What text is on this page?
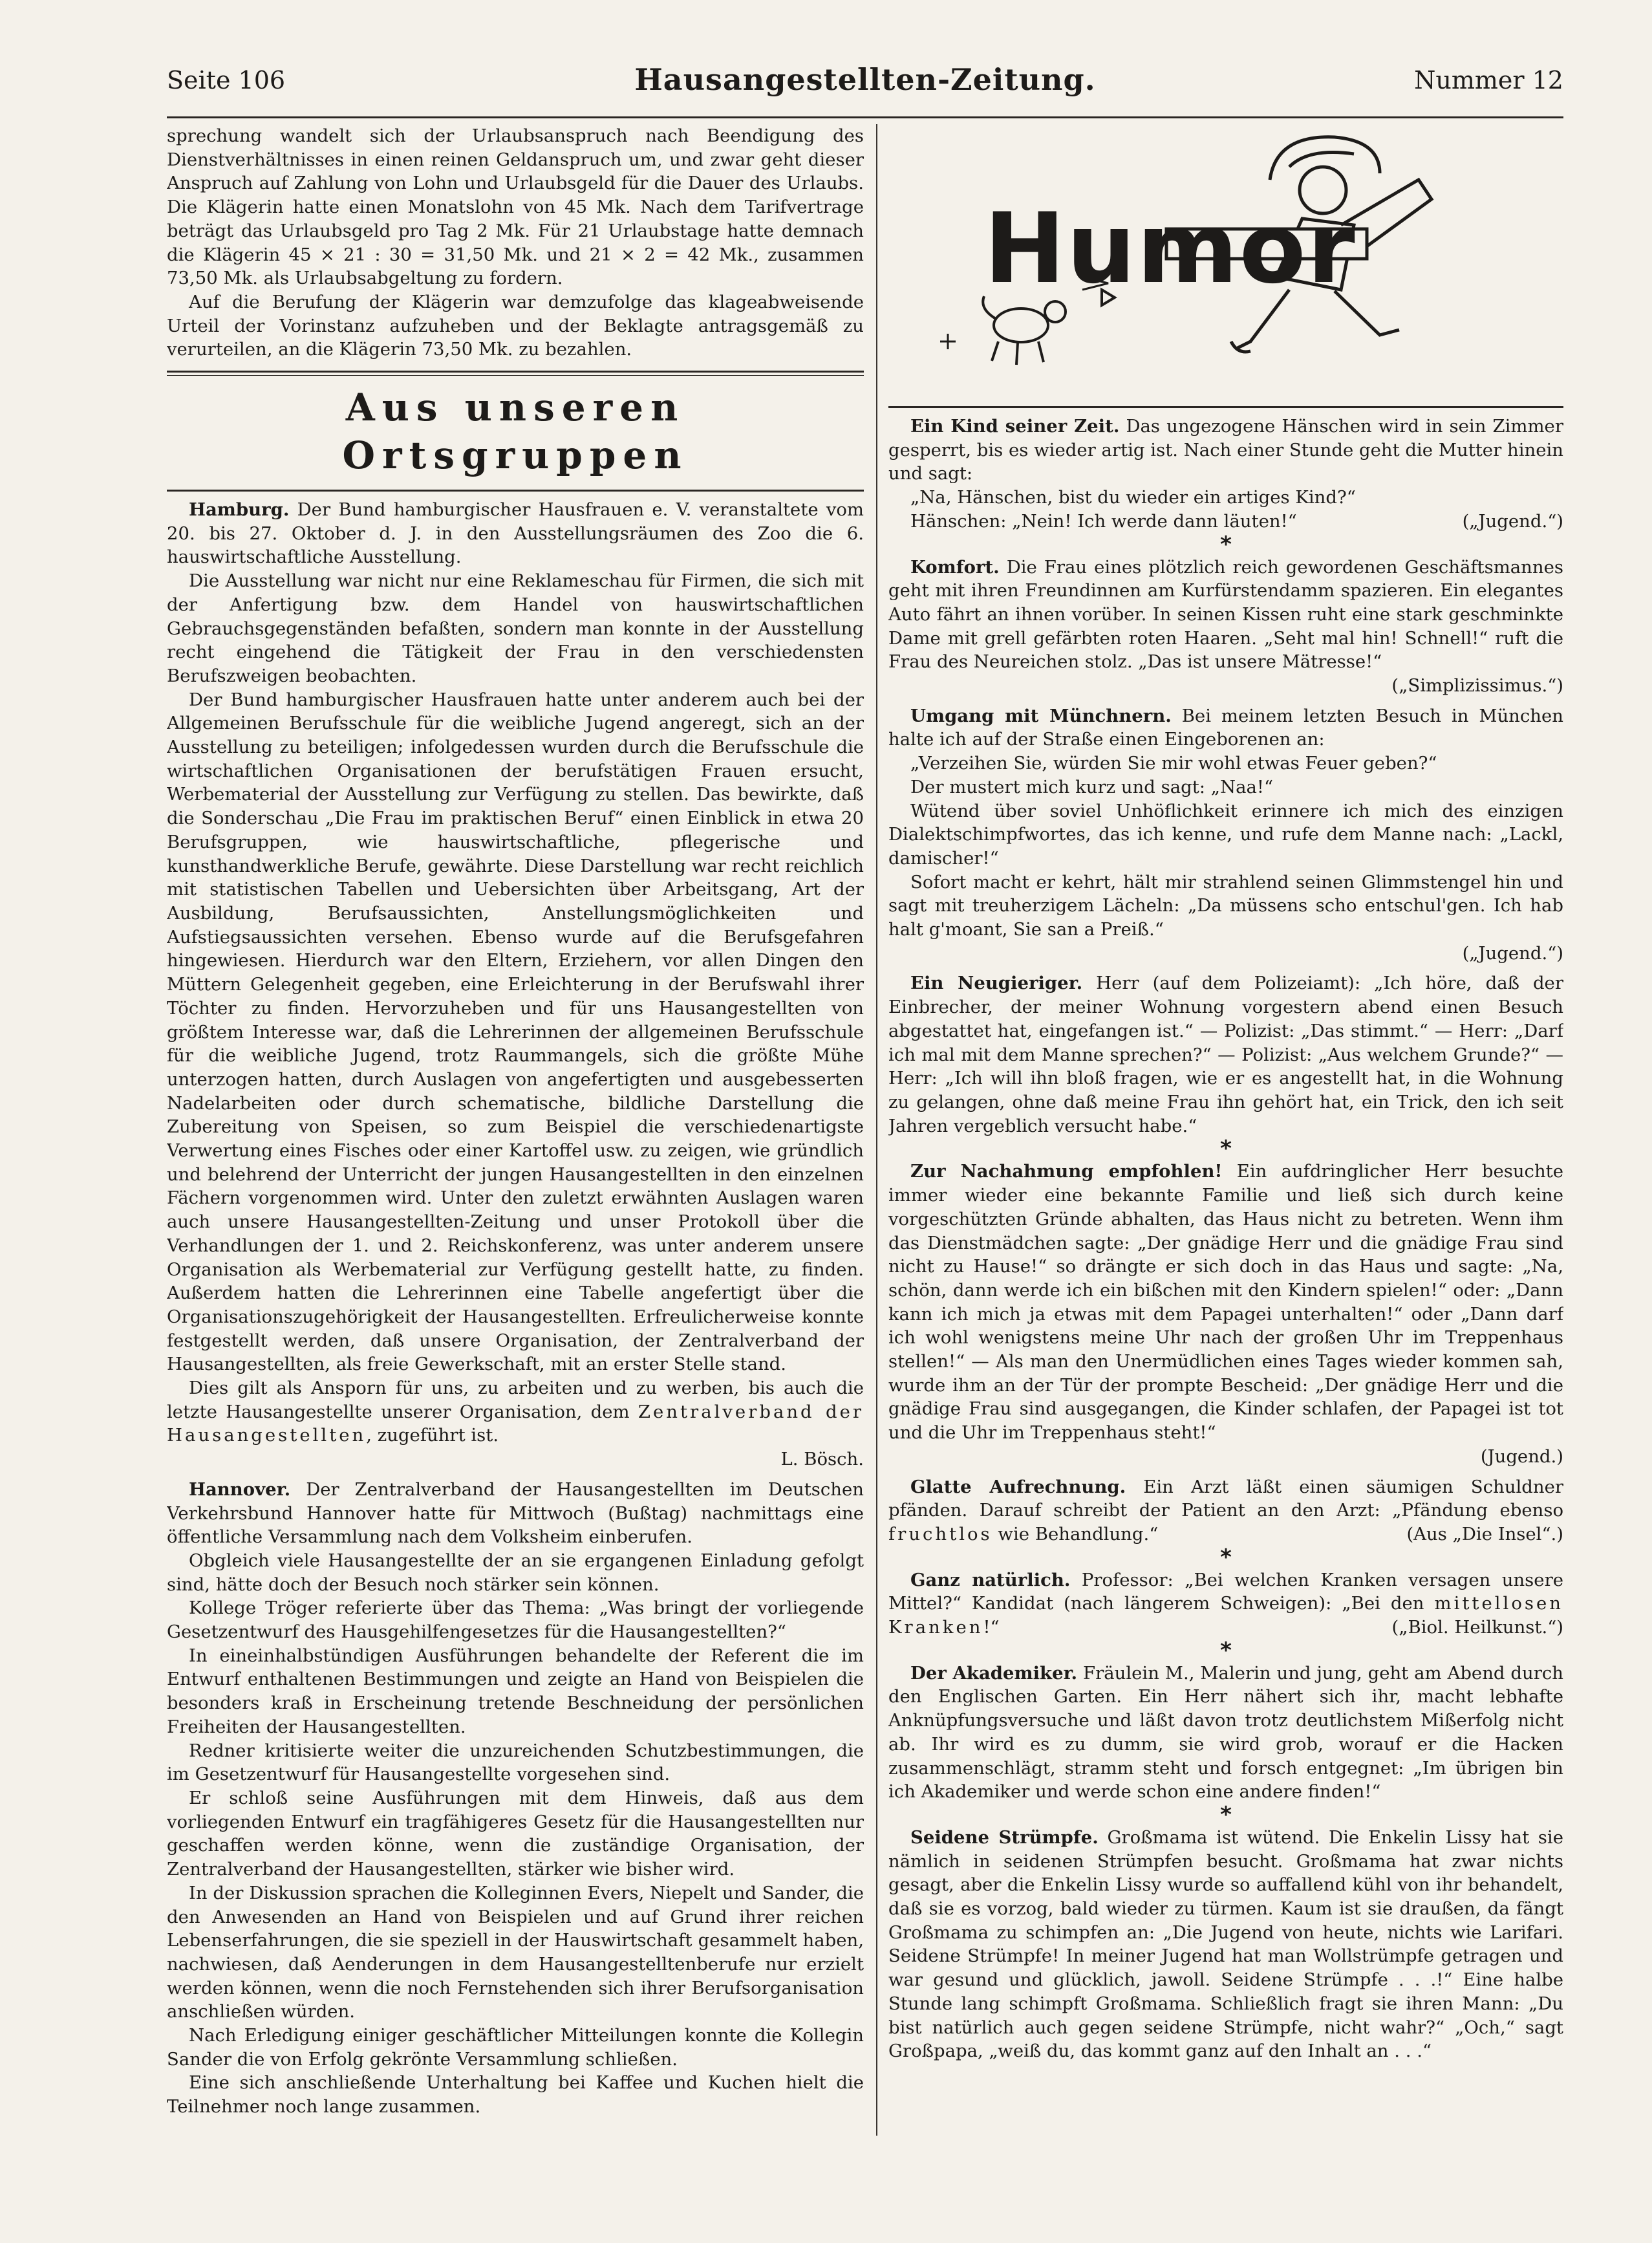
Seite 106	Hausangestellten-Zeitung.	Nummer 12

sprechung wandelt sich der Urlaubsanspruch nach Beendigung des Dienstverhältnisses in einen reinen Geldanspruch um, und zwar geht dieser Anspruch auf Zahlung von Lohn und Urlaubsgeld für die Dauer des Urlaubs. Die Klägerin hatte einen Monatslohn von 45 Mk. Nach dem Tarifvertrage beträgt das Urlaubsgeld pro Tag 2 Mk. Für 21 Urlaubstage hatte demnach die Klägerin 45 × 21 : 30 = 31,50 Mk. und 21 × 2 = 42 Mk., zusammen 73,50 Mk. als Urlaubsabgeltung zu fordern.

Auf die Berufung der Klägerin war demzufolge das klageabweisende Urteil der Vorinstanz aufzuheben und der Beklagte antragsgemäß zu verurteilen, an die Klägerin 73,50 Mk. zu bezahlen.

Aus unseren Ortsgruppen

Hamburg. Der Bund hamburgischer Hausfrauen e. V. veranstaltete vom 20. bis 27. Oktober d. J. in den Ausstellungsräumen des Zoo die 6. hauswirtschaftliche Ausstellung.

Die Ausstellung war nicht nur eine Reklameschau für Firmen, die sich mit der Anfertigung bzw. dem Handel von hauswirtschaftlichen Gebrauchsgegenständen befaßten, sondern man konnte in der Ausstellung recht eingehend die Tätigkeit der Frau in den verschiedensten Berufszweigen beobachten.

Der Bund hamburgischer Hausfrauen hatte unter anderem auch bei der Allgemeinen Berufsschule für die weibliche Jugend angeregt, sich an der Ausstellung zu beteiligen; infolgedessen wurden durch die Berufsschule die wirtschaftlichen Organisationen der berufstätigen Frauen ersucht, Werbematerial der Ausstellung zur Verfügung zu stellen. Das bewirkte, daß die Sonderschau „Die Frau im praktischen Beruf“ einen Einblick in etwa 20 Berufsgruppen, wie hauswirtschaftliche, pflegerische und kunsthandwerkliche Berufe, gewährte. Diese Darstellung war recht reichlich mit statistischen Tabellen und Uebersichten über Arbeitsgang, Art der Ausbildung, Berufsaussichten, Anstellungsmöglichkeiten und Aufstiegsaussichten versehen. Ebenso wurde auf die Berufsgefahren hingewiesen. Hierdurch war den Eltern, Erziehern, vor allen Dingen den Müttern Gelegenheit gegeben, eine Erleichterung in der Berufswahl ihrer Töchter zu finden. Hervorzuheben und für uns Hausangestellten von größtem Interesse war, daß die Lehrerinnen der allgemeinen Berufsschule für die weibliche Jugend, trotz Raummangels, sich die größte Mühe unterzogen hatten, durch Auslagen von angefertigten und ausgebesserten Nadelarbeiten oder durch schematische, bildliche Darstellung die Zubereitung von Speisen, so zum Beispiel die verschiedenartigste Verwertung eines Fisches oder einer Kartoffel usw. zu zeigen, wie gründlich und belehrend der Unterricht der jungen Hausangestellten in den einzelnen Fächern vorgenommen wird. Unter den zuletzt erwähnten Auslagen waren auch unsere Hausangestellten-Zeitung und unser Protokoll über die Verhandlungen der 1. und 2. Reichskonferenz, was unter anderem unsere Organisation als Werbematerial zur Verfügung gestellt hatte, zu finden. Außerdem hatten die Lehrerinnen eine Tabelle angefertigt über die Organisationszugehörigkeit der Hausangestellten. Erfreulicherweise konnte festgestellt werden, daß unsere Organisation, der Zentralverband der Hausangestellten, als freie Gewerkschaft, mit an erster Stelle stand.

Dies gilt als Ansporn für uns, zu arbeiten und zu werben, bis auch die letzte Hausangestellte unserer Organisation, dem Zentralverband der Hausangestellten, zugeführt ist.

L. Bösch.

Hannover. Der Zentralverband der Hausangestellten im Deutschen Verkehrsbund Hannover hatte für Mittwoch (Bußtag) nachmittags eine öffentliche Versammlung nach dem Volksheim einberufen.

Obgleich viele Hausangestellte der an sie ergangenen Einladung gefolgt sind, hätte doch der Besuch noch stärker sein können.

Kollege Tröger referierte über das Thema: „Was bringt der vorliegende Gesetzentwurf des Hausgehilfengesetzes für die Hausangestellten?“

In eineinhalbstündigen Ausführungen behandelte der Referent die im Entwurf enthaltenen Bestimmungen und zeigte an Hand von Beispielen die besonders kraß in Erscheinung tretende Beschneidung der persönlichen Freiheiten der Hausangestellten.

Redner kritisierte weiter die unzureichenden Schutzbestimmungen, die im Gesetzentwurf für Hausangestellte vorgesehen sind.

Er schloß seine Ausführungen mit dem Hinweis, daß aus dem vorliegenden Entwurf ein tragfähigeres Gesetz für die Hausangestellten nur geschaffen werden könne, wenn die zuständige Organisation, der Zentralverband der Hausangestellten, stärker wie bisher wird.

In der Diskussion sprachen die Kolleginnen Evers, Niepelt und Sander, die den Anwesenden an Hand von Beispielen und auf Grund ihrer reichen Lebenserfahrungen, die sie speziell in der Hauswirtschaft gesammelt haben, nachwiesen, daß Aenderungen in dem Hausangestelltenberufe nur erzielt werden können, wenn die noch Fernstehenden sich ihrer Berufsorganisation anschließen würden.

Nach Erledigung einiger geschäftlicher Mitteilungen konnte die Kollegin Sander die von Erfolg gekrönte Versammlung schließen.

Eine sich anschließende Unterhaltung bei Kaffee und Kuchen hielt die Teilnehmer noch lange zusammen.

Humor

Ein Kind seiner Zeit. Das ungezogene Hänschen wird in sein Zimmer gesperrt, bis es wieder artig ist. Nach einer Stunde geht die Mutter hinein und sagt:

„Na, Hänschen, bist du wieder ein artiges Kind?“

Hänschen: „Nein! Ich werde dann läuten!“	(„Jugend.“)

*

Komfort. Die Frau eines plötzlich reich gewordenen Geschäftsmannes geht mit ihren Freundinnen am Kurfürstendamm spazieren. Ein elegantes Auto fährt an ihnen vorüber. In seinen Kissen ruht eine stark geschminkte Dame mit grell gefärbten roten Haaren. „Seht mal hin! Schnell!“ ruft die Frau des Neureichen stolz. „Das ist unsere Mätresse!“

(„Simplizissimus.“)

Umgang mit Münchnern. Bei meinem letzten Besuch in München halte ich auf der Straße einen Eingeborenen an:

„Verzeihen Sie, würden Sie mir wohl etwas Feuer geben?“

Der mustert mich kurz und sagt: „Naa!“

Wütend über soviel Unhöflichkeit erinnere ich mich des einzigen Dialektschimpfwortes, das ich kenne, und rufe dem Manne nach: „Lackl, damischer!“

Sofort macht er kehrt, hält mir strahlend seinen Glimmstengel hin und sagt mit treuherzigem Lächeln: „Da müssens scho entschul'gen. Ich hab halt g'moant, Sie san a Preiß.“

(„Jugend.“)

Ein Neugieriger. Herr (auf dem Polizeiamt): „Ich höre, daß der Einbrecher, der meiner Wohnung vorgestern abend einen Besuch abgestattet hat, eingefangen ist.“ — Polizist: „Das stimmt.“ — Herr: „Darf ich mal mit dem Manne sprechen?“ — Polizist: „Aus welchem Grunde?“ — Herr: „Ich will ihn bloß fragen, wie er es angestellt hat, in die Wohnung zu gelangen, ohne daß meine Frau ihn gehört hat, ein Trick, den ich seit Jahren vergeblich versucht habe.“

*

Zur Nachahmung empfohlen! Ein aufdringlicher Herr besuchte immer wieder eine bekannte Familie und ließ sich durch keine vorgeschützten Gründe abhalten, das Haus nicht zu betreten. Wenn ihm das Dienstmädchen sagte: „Der gnädige Herr und die gnädige Frau sind nicht zu Hause!“ so drängte er sich doch in das Haus und sagte: „Na, schön, dann werde ich ein bißchen mit den Kindern spielen!“ oder: „Dann kann ich mich ja etwas mit dem Papagei unterhalten!“ oder „Dann darf ich wohl wenigstens meine Uhr nach der großen Uhr im Treppenhaus stellen!“ — Als man den Unermüdlichen eines Tages wieder kommen sah, wurde ihm an der Tür der prompte Bescheid: „Der gnädige Herr und die gnädige Frau sind ausgegangen, die Kinder schlafen, der Papagei ist tot und die Uhr im Treppenhaus steht!“

(Jugend.)

Glatte Aufrechnung. Ein Arzt läßt einen säumigen Schuldner pfänden. Darauf schreibt der Patient an den Arzt: „Pfändung ebenso fruchtlos wie Behandlung.“	(Aus „Die Insel“.)

*

Ganz natürlich. Professor: „Bei welchen Kranken versagen unsere Mittel?“ Kandidat (nach längerem Schweigen): „Bei den mittellosen Kranken!“	(„Biol. Heilkunst.“)

*

Der Akademiker. Fräulein M., Malerin und jung, geht am Abend durch den Englischen Garten. Ein Herr nähert sich ihr, macht lebhafte Anknüpfungsversuche und läßt davon trotz deutlichstem Mißerfolg nicht ab. Ihr wird es zu dumm, sie wird grob, worauf er die Hacken zusammenschlägt, stramm steht und forsch entgegnet: „Im übrigen bin ich Akademiker und werde schon eine andere finden!“

*

Seidene Strümpfe. Großmama ist wütend. Die Enkelin Lissy hat sie nämlich in seidenen Strümpfen besucht. Großmama hat zwar nichts gesagt, aber die Enkelin Lissy wurde so auffallend kühl von ihr behandelt, daß sie es vorzog, bald wieder zu türmen. Kaum ist sie draußen, da fängt Großmama zu schimpfen an: „Die Jugend von heute, nichts wie Larifari. Seidene Strümpfe! In meiner Jugend hat man Wollstrümpfe getragen und war gesund und glücklich, jawoll. Seidene Strümpfe . . .!“ Eine halbe Stunde lang schimpft Großmama. Schließlich fragt sie ihren Mann: „Du bist natürlich auch gegen seidene Strümpfe, nicht wahr?“ „Och,“ sagt Großpapa, „weiß du, das kommt ganz auf den Inhalt an . . .“
